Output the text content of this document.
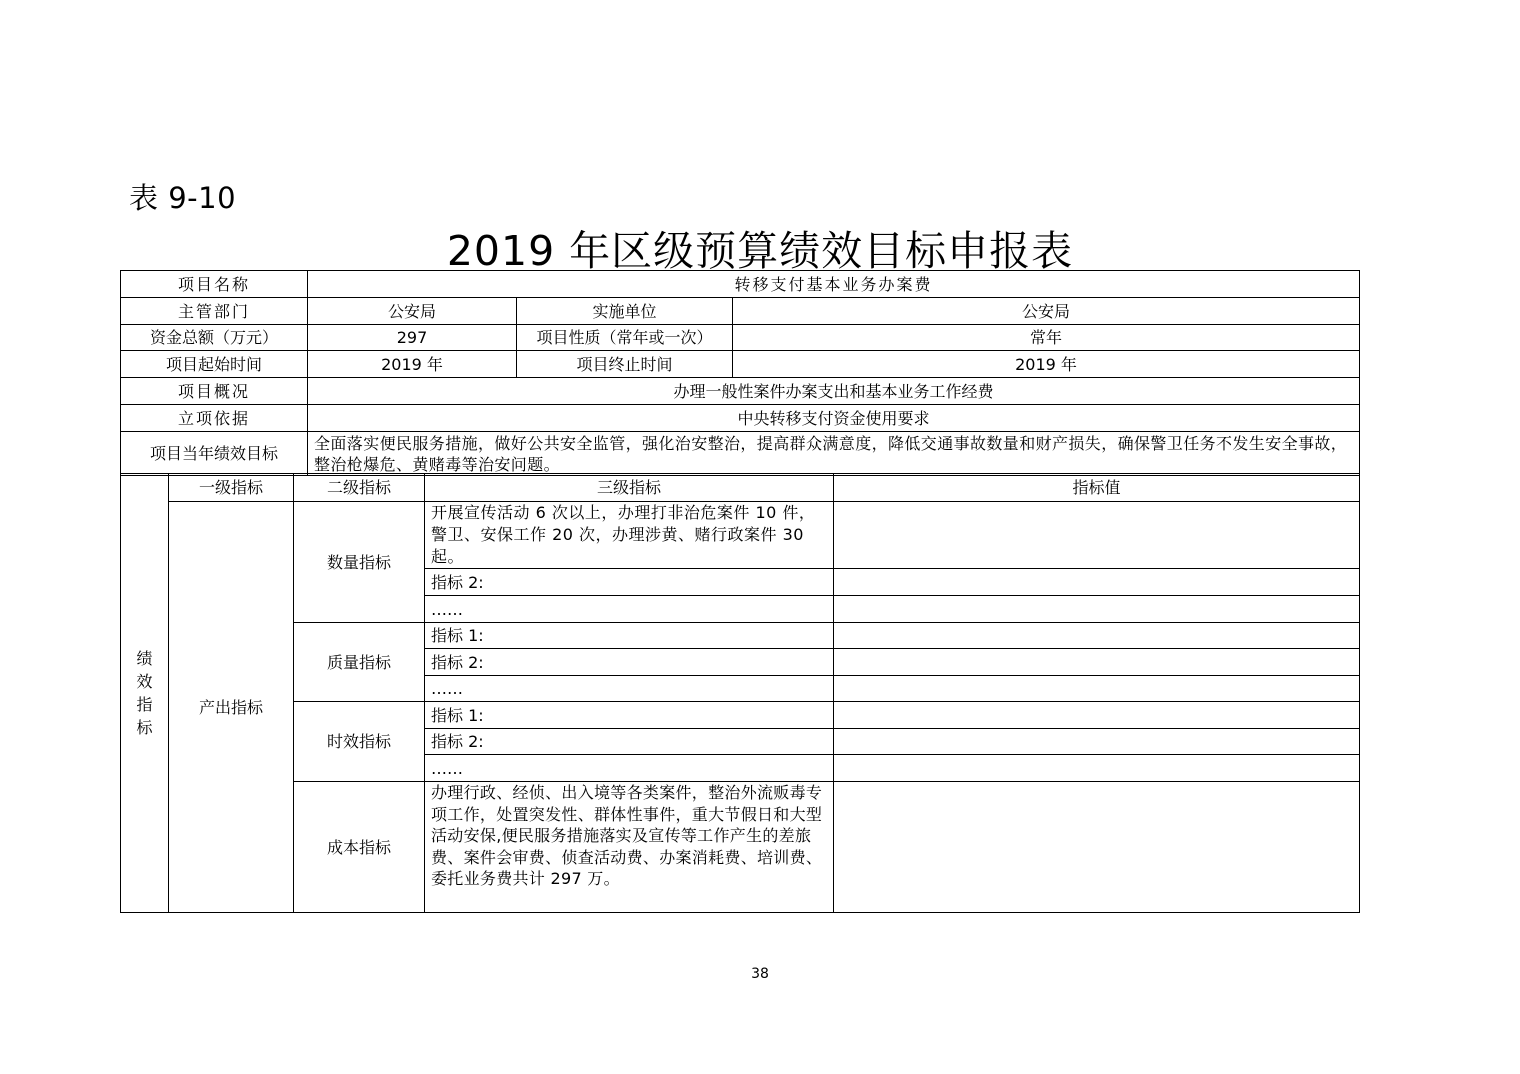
表 9-10
2019 年区级预算绩效目标申报表
项目名称	转移支付基本业务办案费		
主管部门	公安局	实施单位	公安局
资金总额（万元）	297	项目性质（常年或一次）	常年
项目起始时间	2019 年	项目终止时间	2019 年
项目概况	办理一般性案件办案支出和基本业务工作经费		
立项依据	中央转移支付资金使用要求		
项目当年绩效目标	全面落实便民服务措施，做好公共安全监管，强化治安整治，提高群众满意度，降低交通事故数量和财产损失，确保警卫任务不发生安全事故，整治枪爆危、黄赌毒等治安问题。		
绩效指标	一级指标	二级指标	三级指标	指标值
	产出指标	数量指标	开展宣传活动 6 次以上，办理打非治危案件 10 件，警卫、安保工作 20 次，办理涉黄、赌行政案件 30 起。	
			指标 2:	
			……	
		质量指标	指标 1:	
			指标 2:	
			……	
		时效指标	指标 1:	
			指标 2:	
			……	
		成本指标	办理行政、经侦、出入境等各类案件，整治外流贩毒专项工作，处置突发性、群体性事件，重大节假日和大型活动安保,便民服务措施落实及宣传等工作产生的差旅费、案件会审费、侦查活动费、办案消耗费、培训费、委托业务费共计 297 万。	
38
